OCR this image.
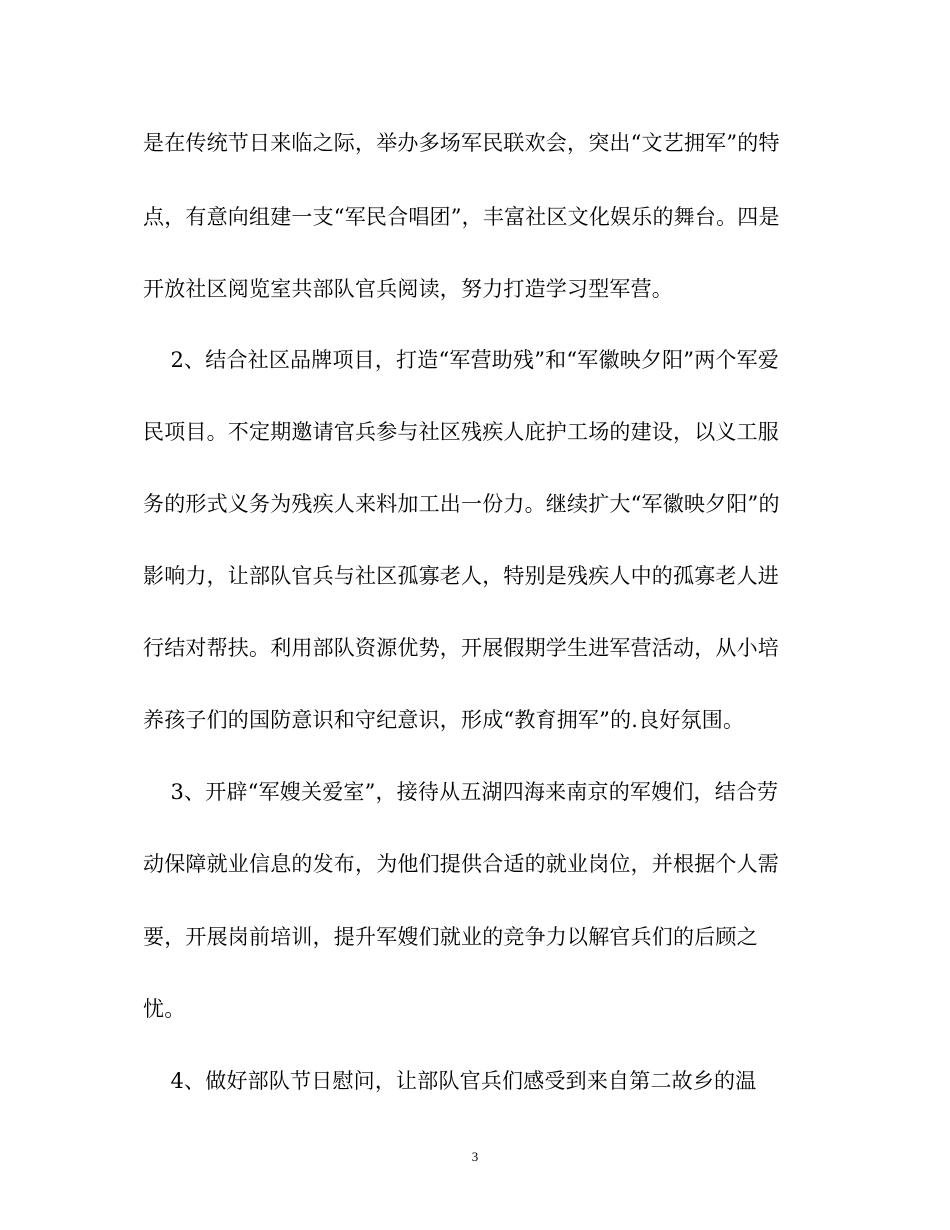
是在传统节日来临之际，举办多场军民联欢会，突出“文艺拥军”的特
点，有意向组建一支“军民合唱团”，丰富社区文化娱乐的舞台。四是
开放社区阅览室共部队官兵阅读，努力打造学习型军营。
2、结合社区品牌项目，打造“军营助残”和“军徽映夕阳”两个军爱
民项目。不定期邀请官兵参与社区残疾人庇护工场的建设，以义工服
务的形式义务为残疾人来料加工出一份力。继续扩大“军徽映夕阳”的
影响力，让部队官兵与社区孤寡老人，特别是残疾人中的孤寡老人进
行结对帮扶。利用部队资源优势，开展假期学生进军营活动，从小培
养孩子们的国防意识和守纪意识，形成“教育拥军”的.良好氛围。
3、开辟“军嫂关爱室”，接待从五湖四海来南京的军嫂们，结合劳
动保障就业信息的发布，为他们提供合适的就业岗位，并根据个人需
要，开展岗前培训，提升军嫂们就业的竞争力以解官兵们的后顾之
忧。
4、做好部队节日慰问，让部队官兵们感受到来自第二故乡的温
3
